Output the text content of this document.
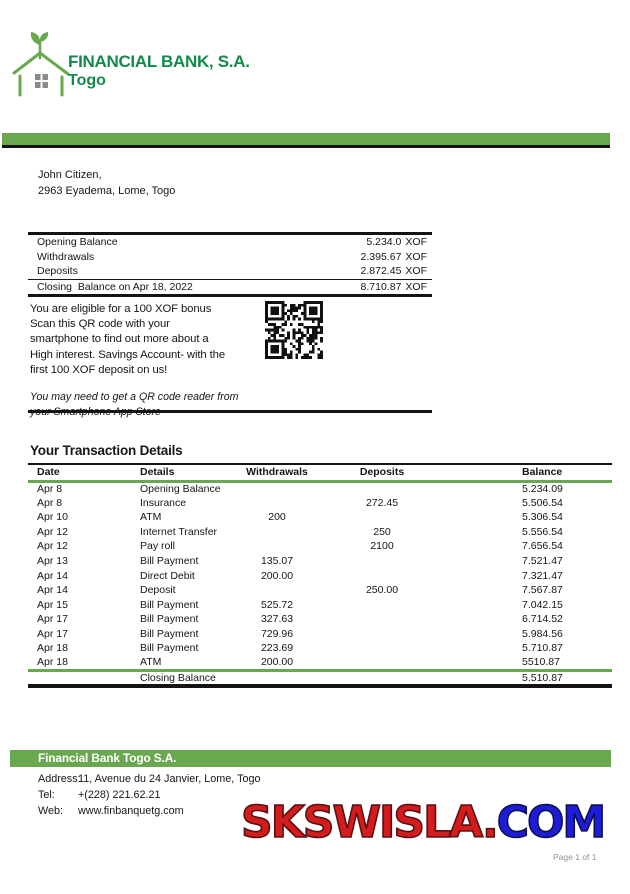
FINANCIAL BANK, S.A.
Togo
John Citizen,
2963 Eyadema, Lome, Togo
Opening Balance	5.234.0 XOF
Withdrawals	2.395.67 XOF
Deposits	2.872.45 XOF
Closing  Balance on Apr 18, 2022	8.710.87 XOF
You are eligible for a 100 XOF bonus
Scan this QR code with your
smartphone to find out more about a
High interest. Savings Account- with the
first 100 XOF deposit on us!
You may need to get a QR code reader from
your Smartphone App Store
Your Transaction Details
Date	Details	Withdrawals	Deposits	Balance
Apr 8	Opening Balance			5.234.09
Apr 8	Insurance		272.45	5.506.54
Apr 10	ATM	200		5.306.54
Apr 12	Internet Transfer		250	5.556.54
Apr 12	Pay roll		2100	7.656.54
Apr 13	Bill Payment	135.07		7.521.47
Apr 14	Direct Debit	200.00		7.321.47
Apr 14	Deposit		250.00	7.567.87
Apr 15	Bill Payment	525.72		7.042.15
Apr 17	Bill Payment	327.63		6.714.52
Apr 17	Bill Payment	729.96		5.984.56
Apr 18	Bill Payment	223.69		5.710.87
Apr 18	ATM	200.00		5510.87
	Closing Balance			5.510.87
Financial Bank Togo S.A.
Address:11, Avenue du 24 Janvier, Lome, Togo
Tel: +(228) 221.62.21
Web: www.finbanquetg.com	SKSWISLA.COM
Page 1 of 1
